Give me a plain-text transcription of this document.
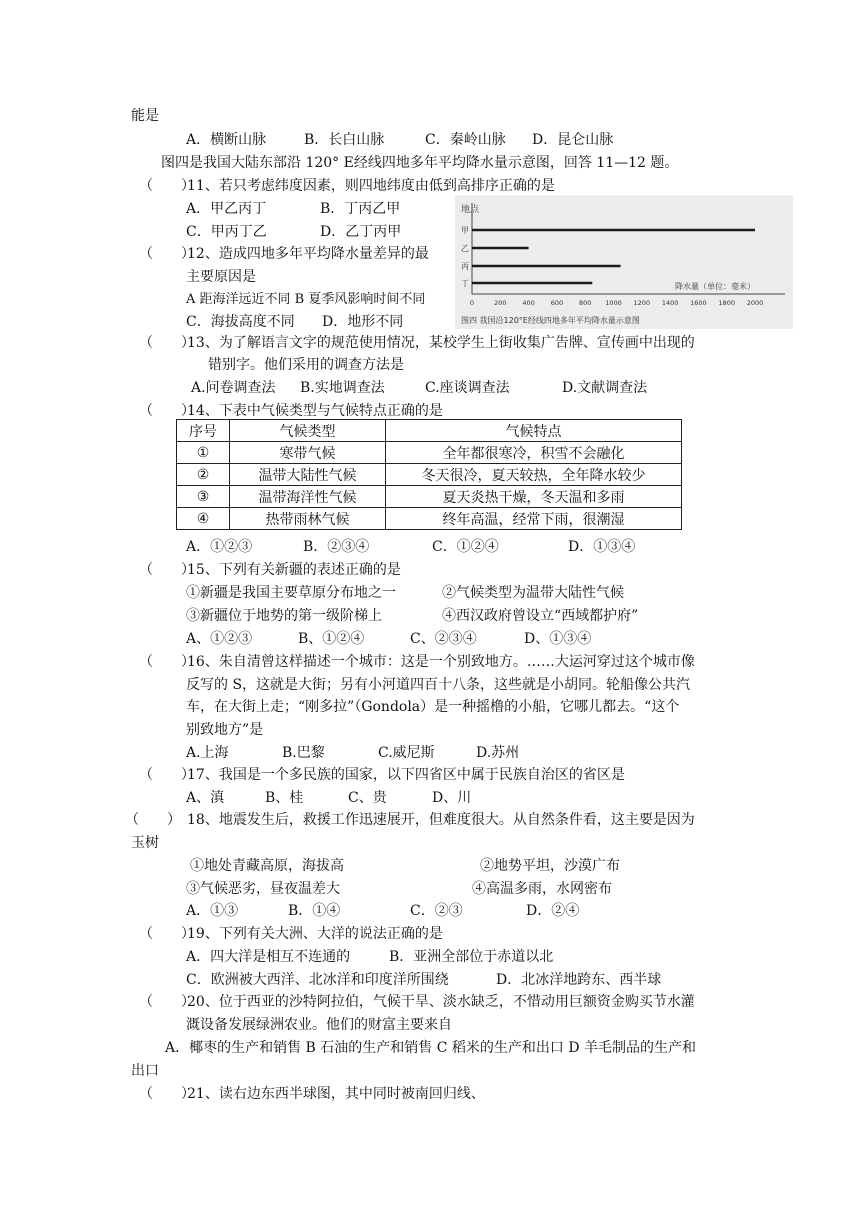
能是
A．横断山脉	B．长白山脉	C．秦岭山脉 D．昆仑山脉
图四是我国大陆东部沿 120° E经线四地多年平均降水量示意图，回答 11—12 题。
（　　）
11、若只考虑纬度因素，则四地纬度由低到高排序正确的是
A．甲乙丙丁	B．丁丙乙甲
C．甲丙丁乙	D．乙丁丙甲
（　　）
12、造成四地多年平均降水量差异的最
主要原因是
A 距海洋远近不同 B 夏季风影响时间不同
C．海拔高度不同 D．地形不同
地点
甲
乙
丙
丁
0	200 400 600 800 1000 1200 1400 1600 1800 2000
降水量（单位：毫米）
图四 我国沿120°E经线四地多年平均降水量示意图
（　　）
13、为了解语言文字的规范使用情况，某校学生上街收集广告牌、宣传画中出现的
错别字。他们采用的调查方法是
A.问卷调查法 B.实地调查法	C.座谈调查法	D.文献调查法
（　　）
14、下表中气候类型与气候特点正确的是
序号	气候类型	气候特点
①	寒带气候	全年都很寒冷，积雪不会融化
②	温带大陆性气候	冬天很冷，夏天较热，全年降水较少
③	温带海洋性气候	夏天炎热干燥，冬天温和多雨
④	热带雨林气候	终年高温，经常下雨，很潮湿
A．①②③	B．②③④	C．①②④	D．①③④
（　　）
15、下列有关新疆的表述正确的是
①新疆是我国主要草原分布地之一	②气候类型为温带大陆性气候
③新疆位于地势的第一级阶梯上	④西汉政府曾设立“西域都护府”
A、①②③	B、①②④	C、②③④	D、①③④
（　　）
16、朱自清曾这样描述一个城市：这是一个别致地方。……大运河穿过这个城市像
反写的 S，这就是大街；另有小河道四百十八条，这些就是小胡同。轮船像公共汽
车，在大街上走；“刚多拉”（Gondola）是一种摇橹的小船，它哪儿都去。“这个
别致地方”是
A.上海	B.巴黎	C.威尼斯	D.苏州
（　　）
17、我国是一个多民族的国家，以下四省区中属于民族自治区的省区是
A、滇	B、桂	C、贵	D、川
（　　） 18、地震发生后，救援工作迅速展开，但难度很大。从自然条件看，这主要是因为
玉树
①地处青藏高原，海拔高	②地势平坦，沙漠广布
③气候恶劣，昼夜温差大	④高温多雨，水网密布
A．①③	B．①④	C．②③	D．②④
（　　）
19、下列有关大洲、大洋的说法正确的是
A．四大洋是相互不连通的	B．亚洲全部位于赤道以北
C．欧洲被大西洋、北冰洋和印度洋所围绕	D．北冰洋地跨东、西半球
（　　）
20、位于西亚的沙特阿拉伯，气候干旱、淡水缺乏，不惜动用巨额资金购买节水灌
溉设备发展绿洲农业。他们的财富主要来自
A．椰枣的生产和销售 B 石油的生产和销售 C 稻米的生产和出口 D 羊毛制品的生产和
出口
（　　）
21、读右边东西半球图，其中同时被南回归线、
